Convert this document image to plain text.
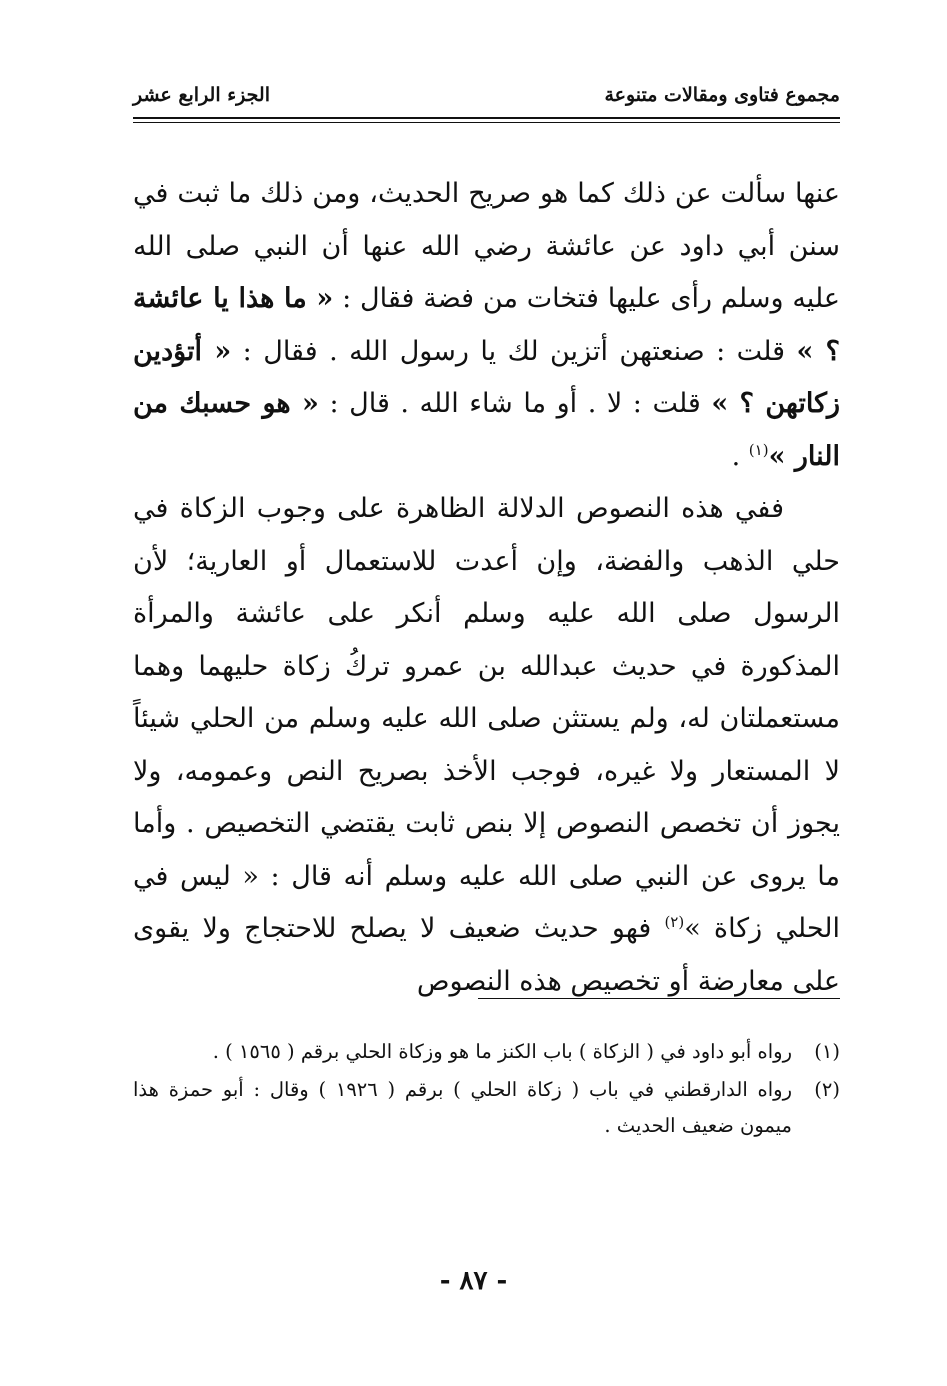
مجموع فتاوى ومقالات متنوعة
الجزء الرابع عشر

عنها سألت عن ذلك كما هو صريح الحديث، ومن ذلك ما ثبت في سنن أبي داود عن عائشة رضي الله عنها أن النبي صلى الله عليه وسلم رأى عليها فتخات من فضة فقال : « ما هذا يا عائشة ؟ » قلت : صنعتهن أتزين لك يا رسول الله . فقال : « أتؤدين زكاتهن ؟ » قلت : لا . أو ما شاء الله . قال : « هو حسبك من النار »$^{(١)}$ .

ففي هذه النصوص الدلالة الظاهرة على وجوب الزكاة في حلي الذهب والفضة، وإن أعدت للاستعمال أو العارية؛ لأن الرسول صلى الله عليه وسلم أنكر على عائشة والمرأة المذكورة في حديث عبدالله بن عمرو تركُ زكاة حليهما وهما مستعملتان له، ولم يستثن صلى الله عليه وسلم من الحلي شيئاً لا المستعار ولا غيره، فوجب الأخذ بصريح النص وعمومه، ولا يجوز أن تخصص النصوص إلا بنص ثابت يقتضي التخصيص . وأما ما يروى عن النبي صلى الله عليه وسلم أنه قال : « ليس في الحلي زكاة »$^{(٢)}$ فهو حديث ضعيف لا يصلح للاحتجاج ولا يقوى على معارضة أو تخصيص هذه النصوص

(١)
رواه أبو داود في ( الزكاة ) باب الكنز ما هو وزكاة الحلي برقم ( ١٥٦٥ ) .
(٢)
رواه الدارقطني في باب ( زكاة الحلي ) برقم ( ١٩٢٦ ) وقال : أبو حمزة هذا ميمون ضعيف الحديث .
- ٨٧ -
